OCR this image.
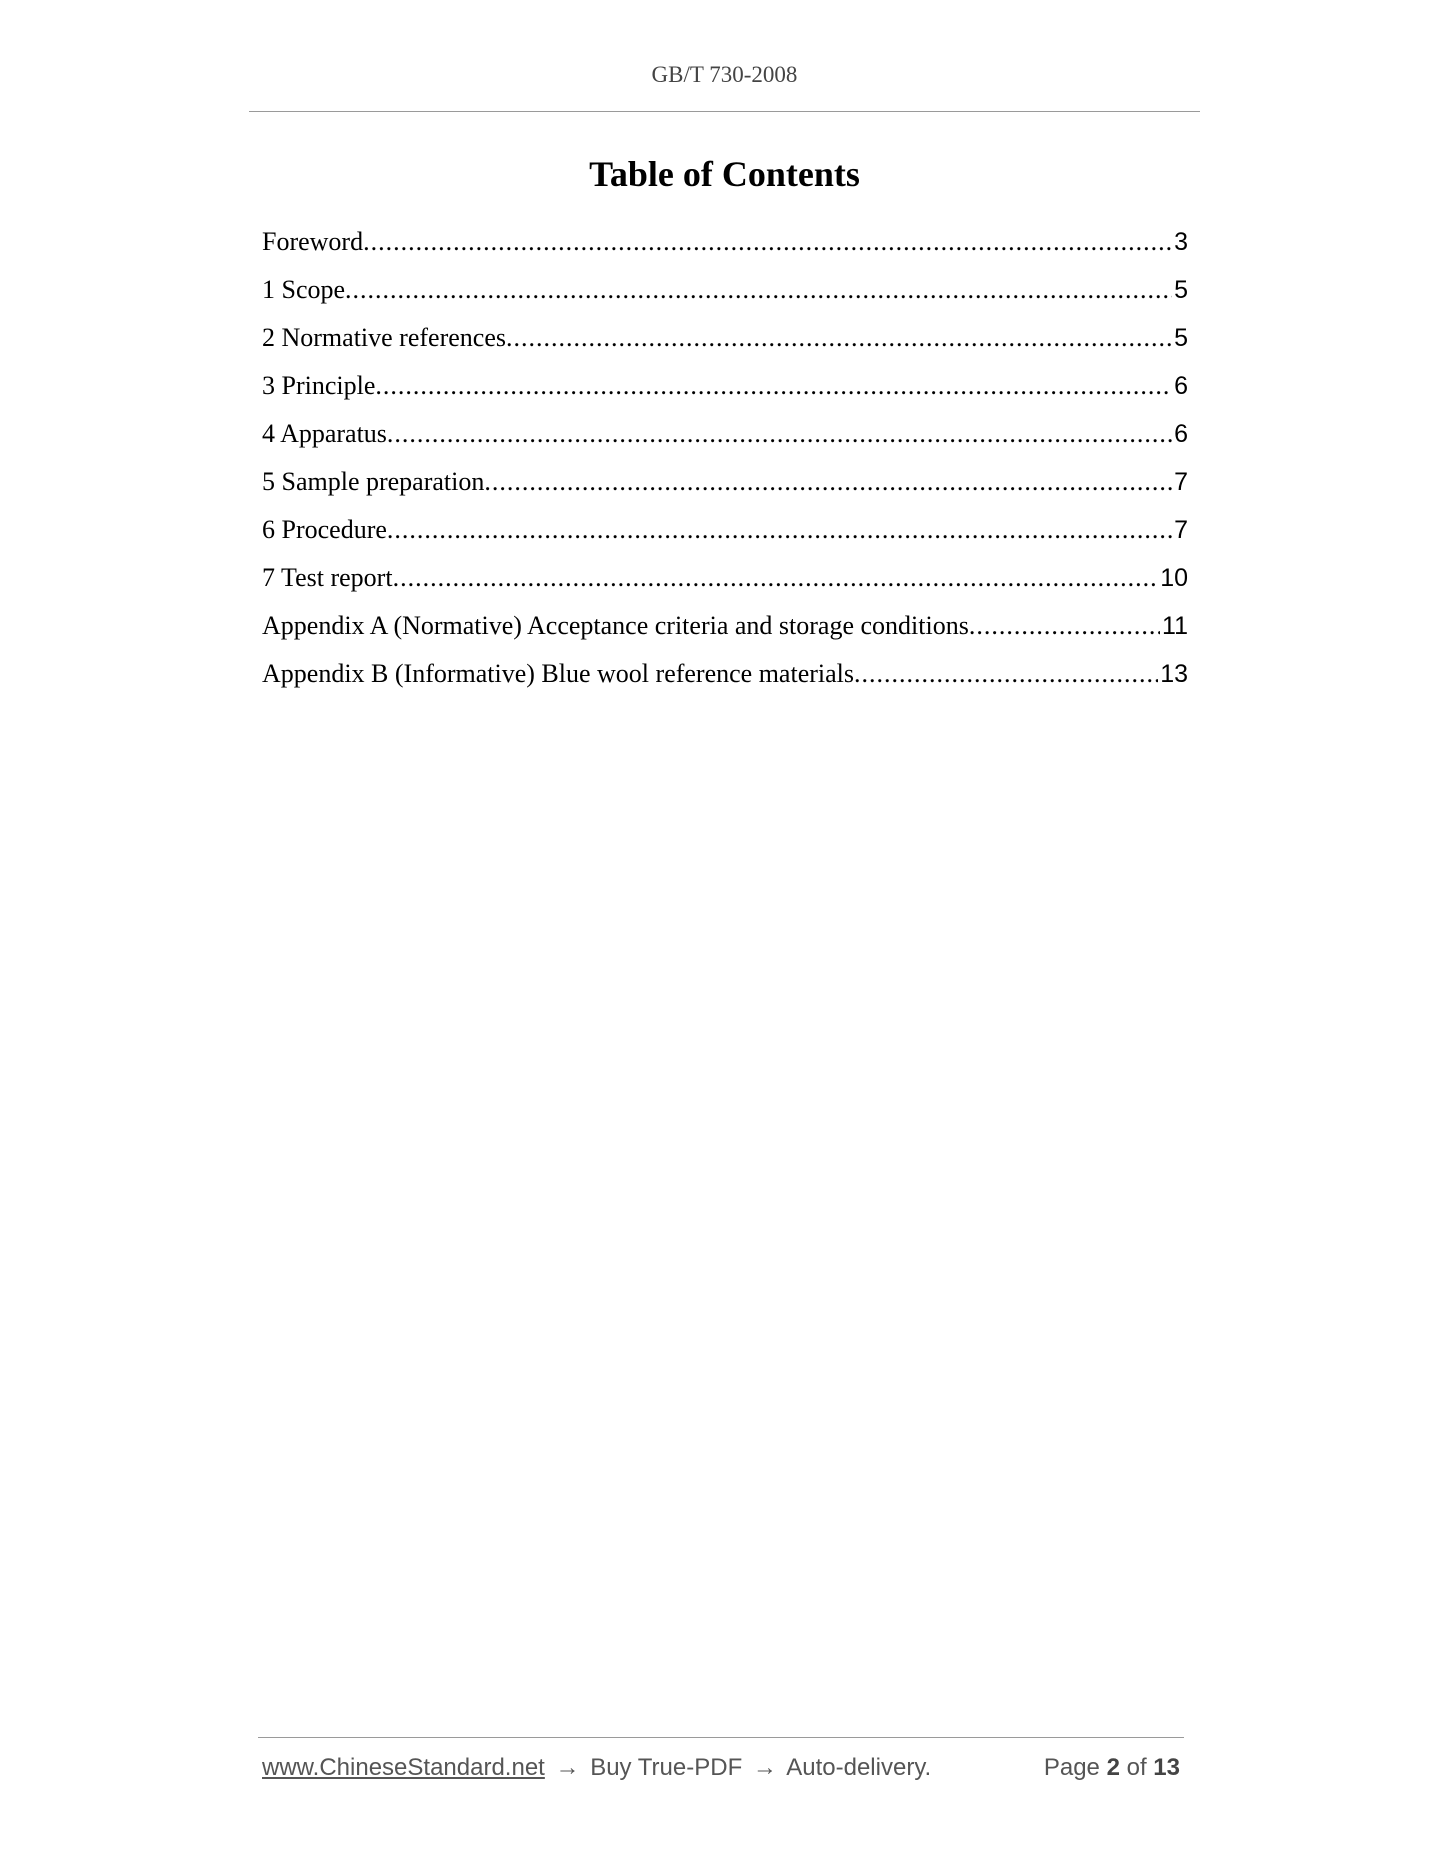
GB/T 730-2008
Table of Contents
Foreword .....	3
1 Scope .....	5
2 Normative references .....	5
3 Principle .....	6
4 Apparatus .....	6
5 Sample preparation .....	7
6 Procedure .....	7
7 Test report .....	10
Appendix A (Normative) Acceptance criteria and storage conditions .....	11
Appendix B (Informative) Blue wool reference materials .....	13
www.ChineseStandard.net → Buy True-PDF → Auto-delivery.	Page 2 of 13
